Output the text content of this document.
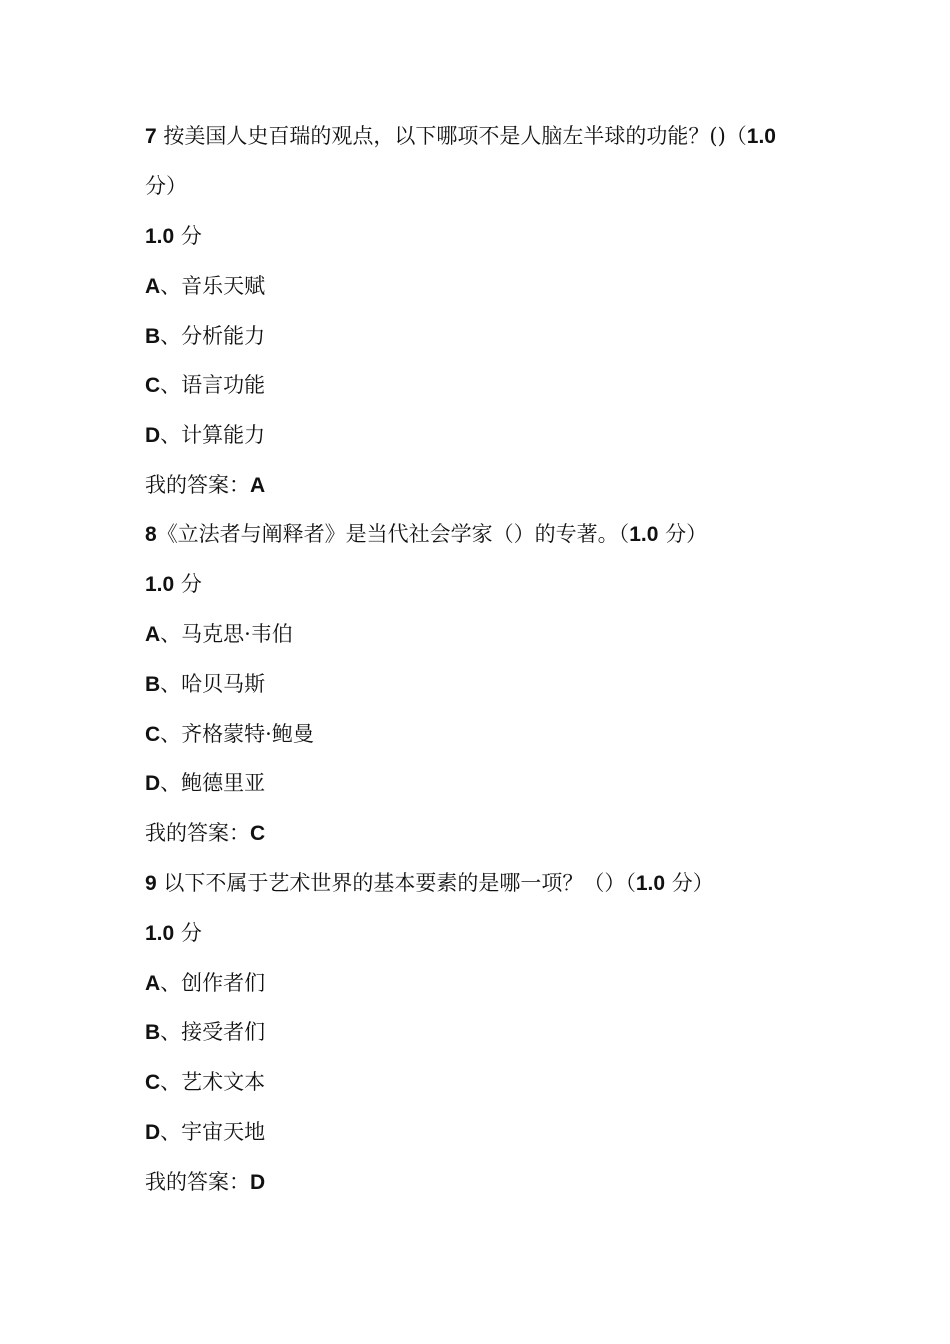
7 按美国人史百瑞的观点，以下哪项不是人脑左半球的功能？()（1.0
分）
1.0 分
A、音乐天赋
B、分析能力
C、语言功能
D、计算能力
我的答案：A
8《立法者与阐释者》是当代社会学家（）的专著。（1.0 分）
1.0 分
A、马克思·韦伯
B、哈贝马斯
C、齐格蒙特·鲍曼
D、鲍德里亚
我的答案：C
9 以下不属于艺术世界的基本要素的是哪一项？（）（1.0 分）
1.0 分
A、创作者们
B、接受者们
C、艺术文本
D、宇宙天地
我的答案：D
